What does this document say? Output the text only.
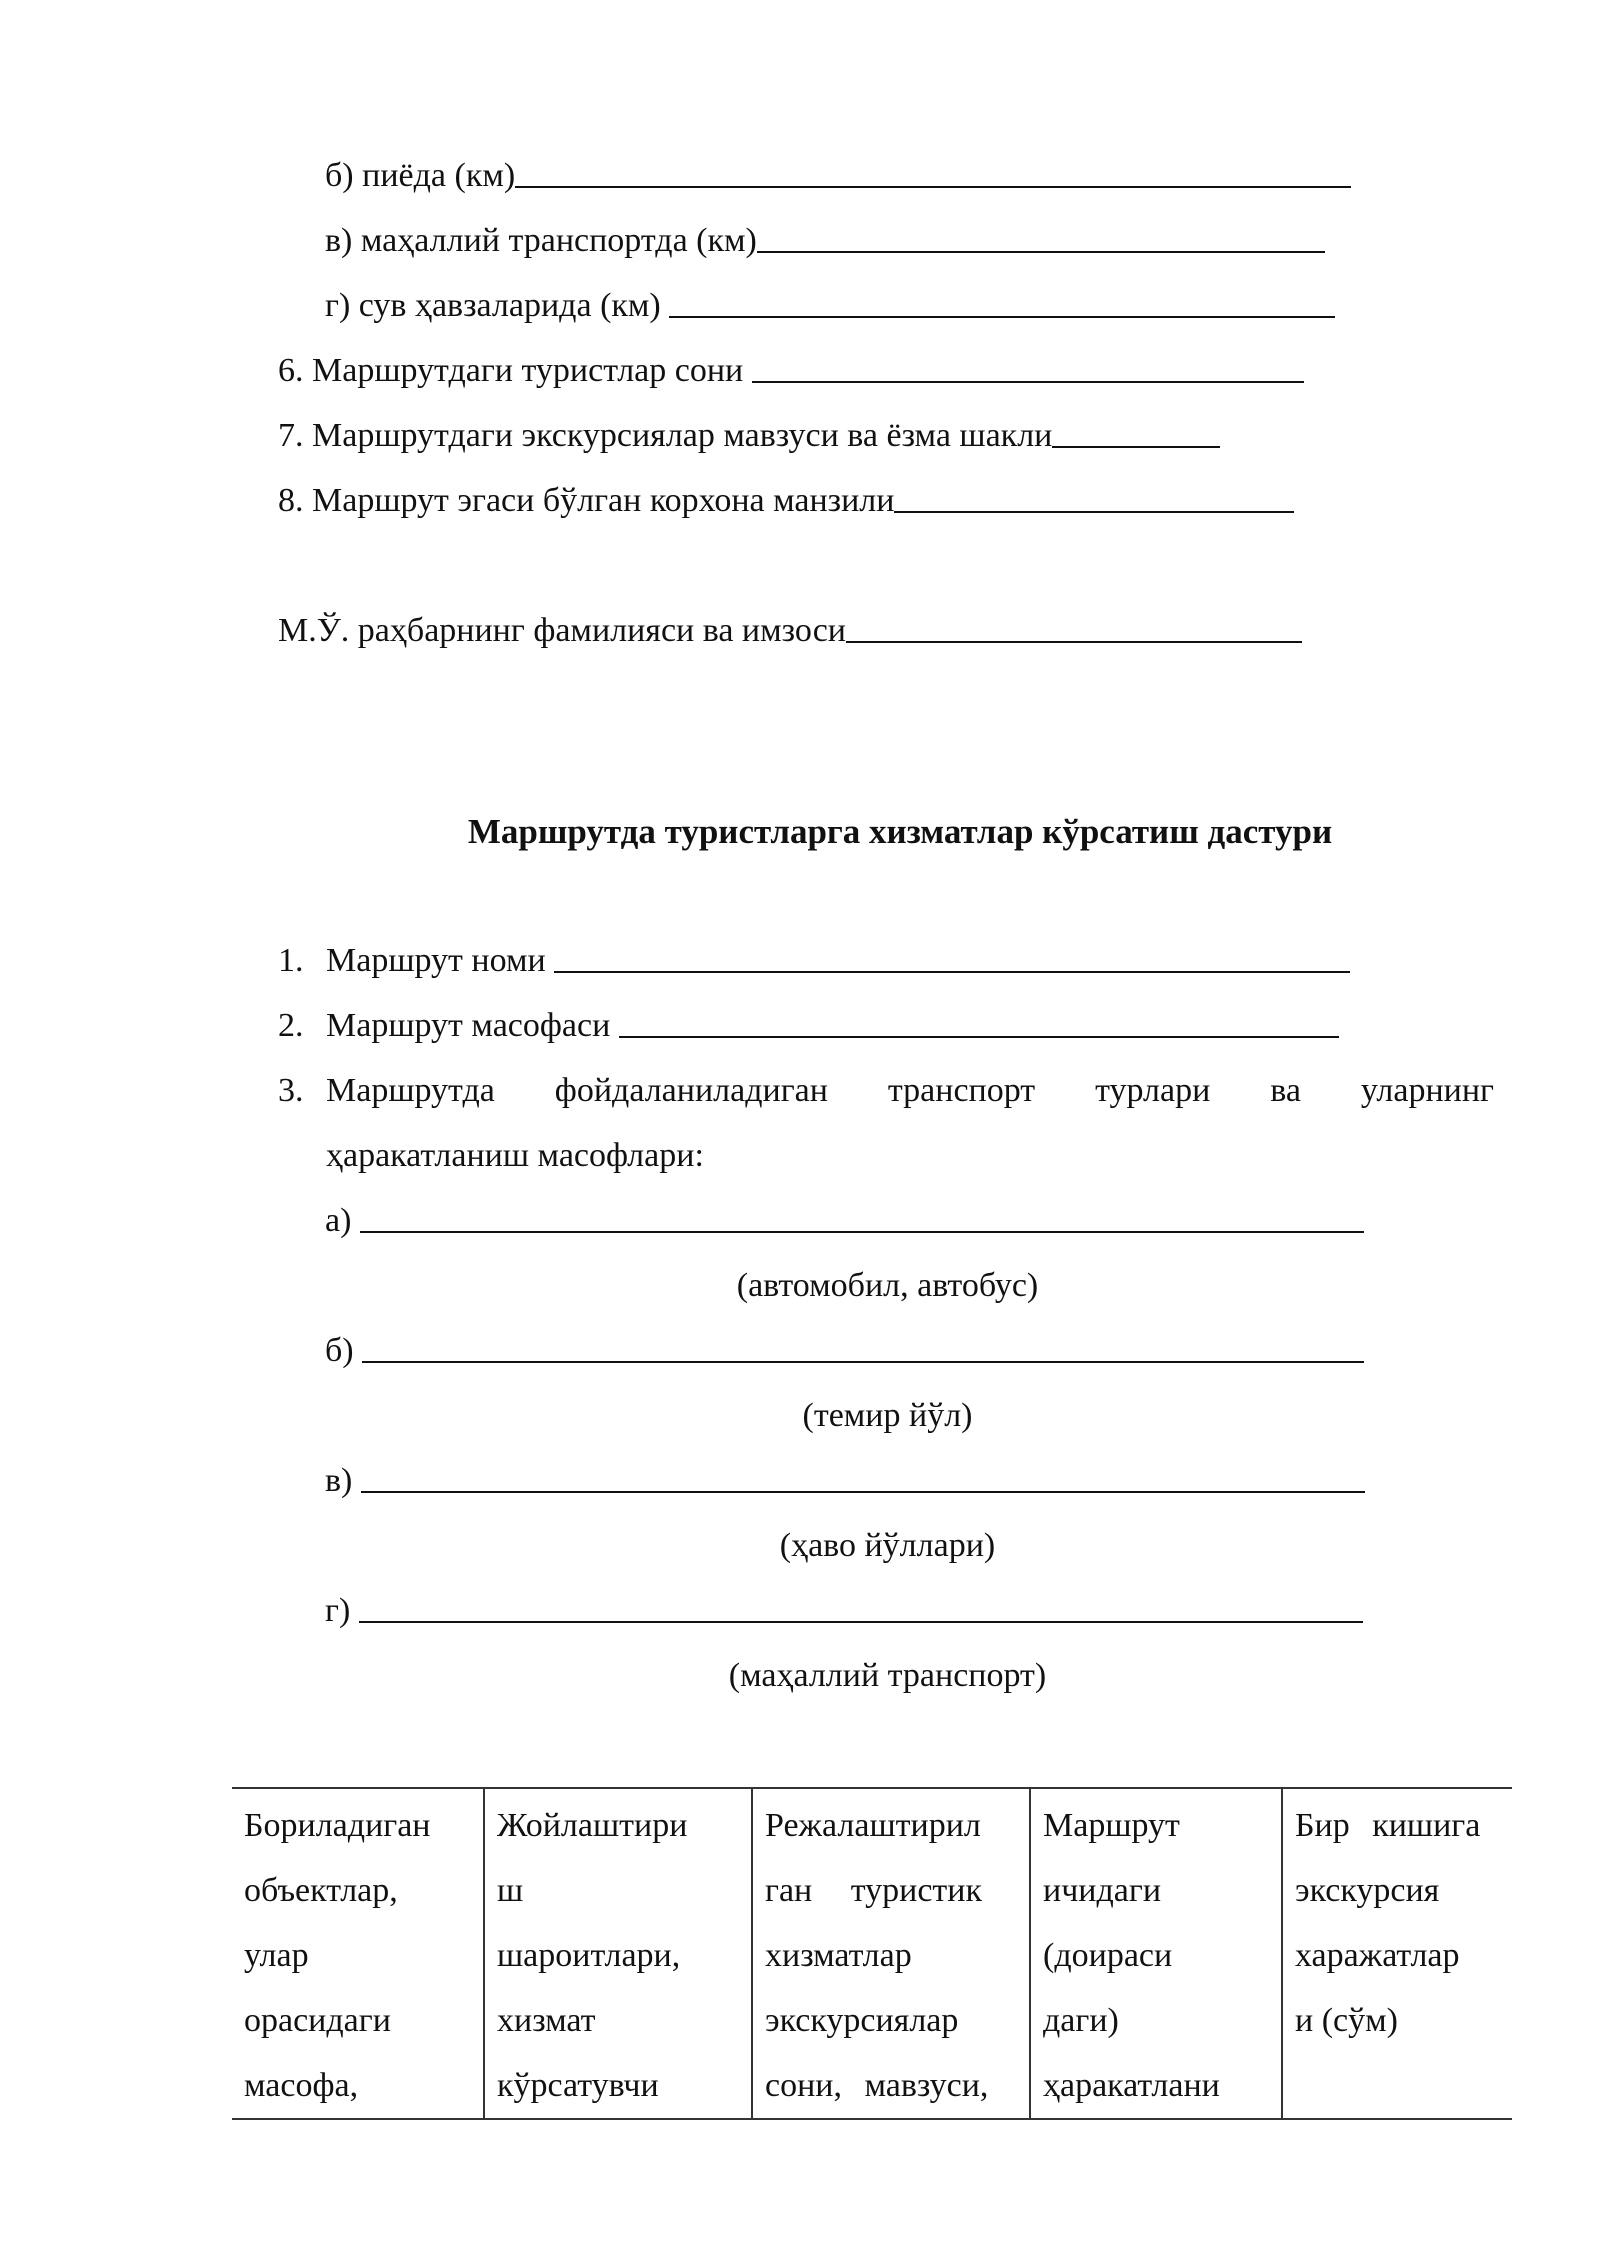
б) пиёда (км)
в) маҳаллий транспортда (км)
г) сув ҳавзаларида (км)
6. Маршрутдаги туристлар сони
7. Маршрутдаги экскурсиялар мавзуси ва ёзма шакли
8. Маршрут эгаси бўлган корхона манзили
М.Ў. раҳбарнинг фамилияси ва имзоси
Маршрутда туристларга хизматлар кўрсатиш дастури
1. Маршрут номи
2. Маршрут масофаси
3. Маршрутда фойдаланиладиган транспорт турлари ва уларнинг
ҳаракатланиш масофлари:
а)
(автомобил, автобус)
б)
(темир йўл)
в)
(ҳаво йўллари)
г)
(маҳаллий транспорт)
Бориладиган
объектлар,
улар
орасидаги
масофа,

Жойлаштири
ш
шароитлари,
хизмат
кўрсатувчи

Режалаштирил
ган туристик
хизматлар
экскурсиялар
сони, мавзуси,

Маршрут
ичидаги
(доираси
даги)
ҳаракатлани

Бир кишига
экскурсия
харажатлар
и (сўм)
